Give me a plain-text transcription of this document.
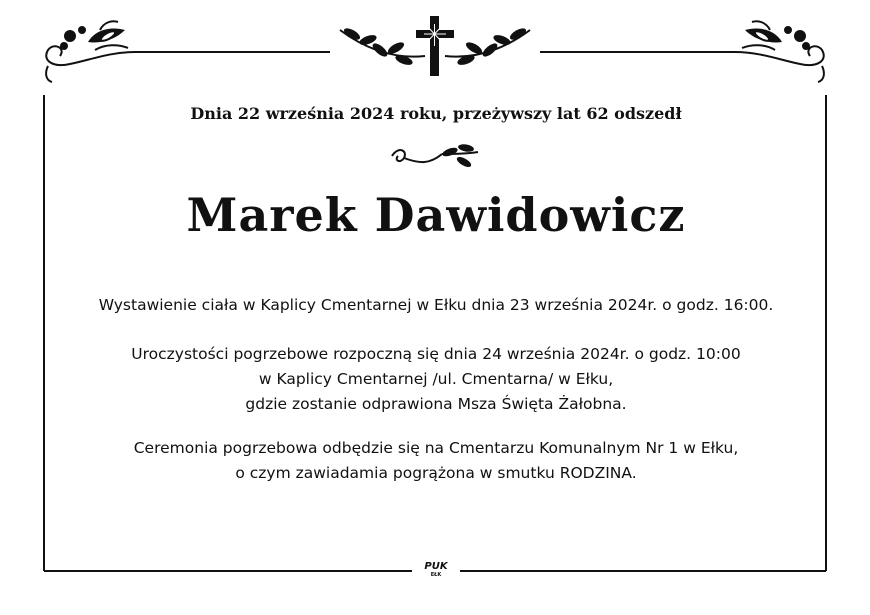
Dnia 22 września 2024 roku, przeżywszy lat 62 odszedł
Marek Dawidowicz
Wystawienie ciała w Kaplicy Cmentarnej w Ełku dnia 23 września 2024r. o godz. 16:00.
Uroczystości pogrzebowe rozpoczną się dnia 24 września 2024r. o godz. 10:00
w Kaplicy Cmentarnej /ul. Cmentarna/ w Ełku,
gdzie zostanie odprawiona Msza Święta Żałobna.
Ceremonia pogrzebowa odbędzie się na Cmentarzu Komunalnym Nr 1 w Ełku,
o czym zawiadamia pogrążona w smutku RODZINA.
PUK
EŁK
